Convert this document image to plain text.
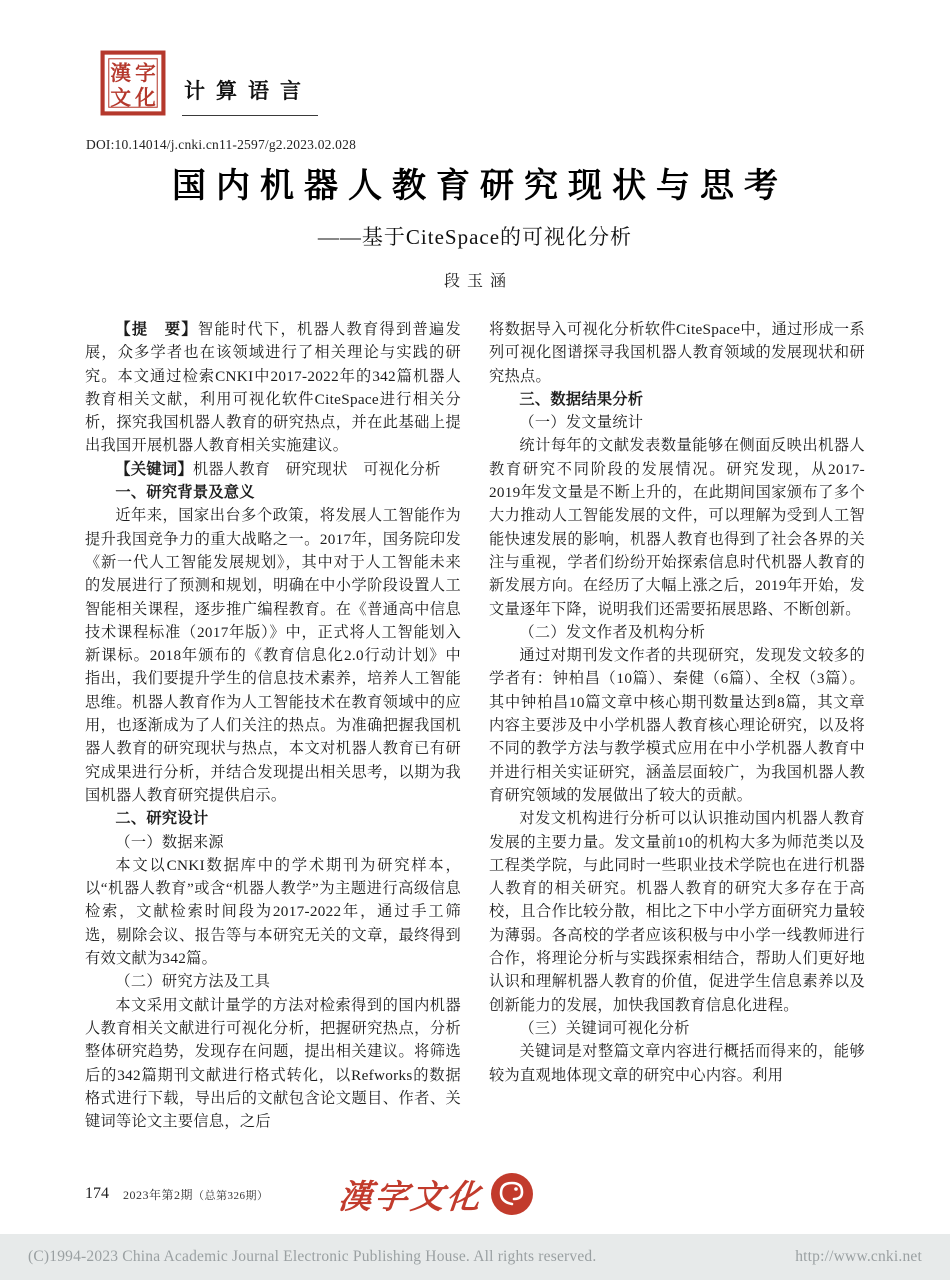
漢 字
文 化 计算语言
DOI:10.14014/j.cnki.cn11-2597/g2.2023.02.028
国内机器人教育研究现状与思考
——基于CiteSpace的可视化分析
段玉涵

【提　要】智能时代下，机器人教育得到普遍发展，众多学者也在该领域进行了相关理论与实践的研究。本文通过检索CNKI中2017-2022年的342篇机器人教育相关文献，利用可视化软件CiteSpace进行相关分析，探究我国机器人教育的研究热点，并在此基础上提出我国开展机器人教育相关实施建议。

【关键词】机器人教育　研究现状　可视化分析

一、研究背景及意义

近年来，国家出台多个政策，将发展人工智能作为提升我国竞争力的重大战略之一。2017年，国务院印发《新一代人工智能发展规划》，其中对于人工智能未来的发展进行了预测和规划，明确在中小学阶段设置人工智能相关课程，逐步推广编程教育。在《普通高中信息技术课程标准（2017年版）》中，正式将人工智能划入新课标。2018年颁布的《教育信息化2.0行动计划》中指出，我们要提升学生的信息技术素养，培养人工智能思维。机器人教育作为人工智能技术在教育领域中的应用，也逐渐成为了人们关注的热点。为准确把握我国机器人教育的研究现状与热点，本文对机器人教育已有研究成果进行分析，并结合发现提出相关思考，以期为我国机器人教育研究提供启示。

二、研究设计

（一）数据来源

本文以CNKI数据库中的学术期刊为研究样本，以“机器人教育”或含“机器人教学”为主题进行高级信息检索，文献检索时间段为2017-2022年，通过手工筛选，剔除会议、报告等与本研究无关的文章，最终得到有效文献为342篇。

（二）研究方法及工具

本文采用文献计量学的方法对检索得到的国内机器人教育相关文献进行可视化分析，把握研究热点，分析整体研究趋势，发现存在问题，提出相关建议。将筛选后的342篇期刊文献进行格式转化，以Refworks的数据格式进行下载，导出后的文献包含论文题目、作者、关键词等论文主要信息，之后

将数据导入可视化分析软件CiteSpace中，通过形成一系列可视化图谱探寻我国机器人教育领域的发展现状和研究热点。

三、数据结果分析

（一）发文量统计

统计每年的文献发表数量能够在侧面反映出机器人教育研究不同阶段的发展情况。研究发现，从2017-2019年发文量是不断上升的，在此期间国家颁布了多个大力推动人工智能发展的文件，可以理解为受到人工智能快速发展的影响，机器人教育也得到了社会各界的关注与重视，学者们纷纷开始探索信息时代机器人教育的新发展方向。在经历了大幅上涨之后，2019年开始，发文量逐年下降，说明我们还需要拓展思路、不断创新。

（二）发文作者及机构分析

通过对期刊发文作者的共现研究，发现发文较多的学者有：钟柏昌（10篇）、秦健（6篇）、全权（3篇）。其中钟柏昌10篇文章中核心期刊数量达到8篇，其文章内容主要涉及中小学机器人教育核心理论研究，以及将不同的教学方法与教学模式应用在中小学机器人教育中并进行相关实证研究，涵盖层面较广，为我国机器人教育研究领域的发展做出了较大的贡献。

对发文机构进行分析可以认识推动国内机器人教育发展的主要力量。发文量前10的机构大多为师范类以及工程类学院，与此同时一些职业技术学院也在进行机器人教育的相关研究。机器人教育的研究大多存在于高校，且合作比较分散，相比之下中小学方面研究力量较为薄弱。各高校的学者应该积极与中小学一线教师进行合作，将理论分析与实践探索相结合，帮助人们更好地认识和理解机器人教育的价值，促进学生信息素养以及创新能力的发展，加快我国教育信息化进程。

（三）关键词可视化分析

关键词是对整篇文章内容进行概括而得来的，能够较为直观地体现文章的研究中心内容。利用

174 2023年第2期（总第326期） 漢字文化
(C)1994-2023 China Academic Journal Electronic Publishing House. All rights reserved.	http://www.cnki.net
